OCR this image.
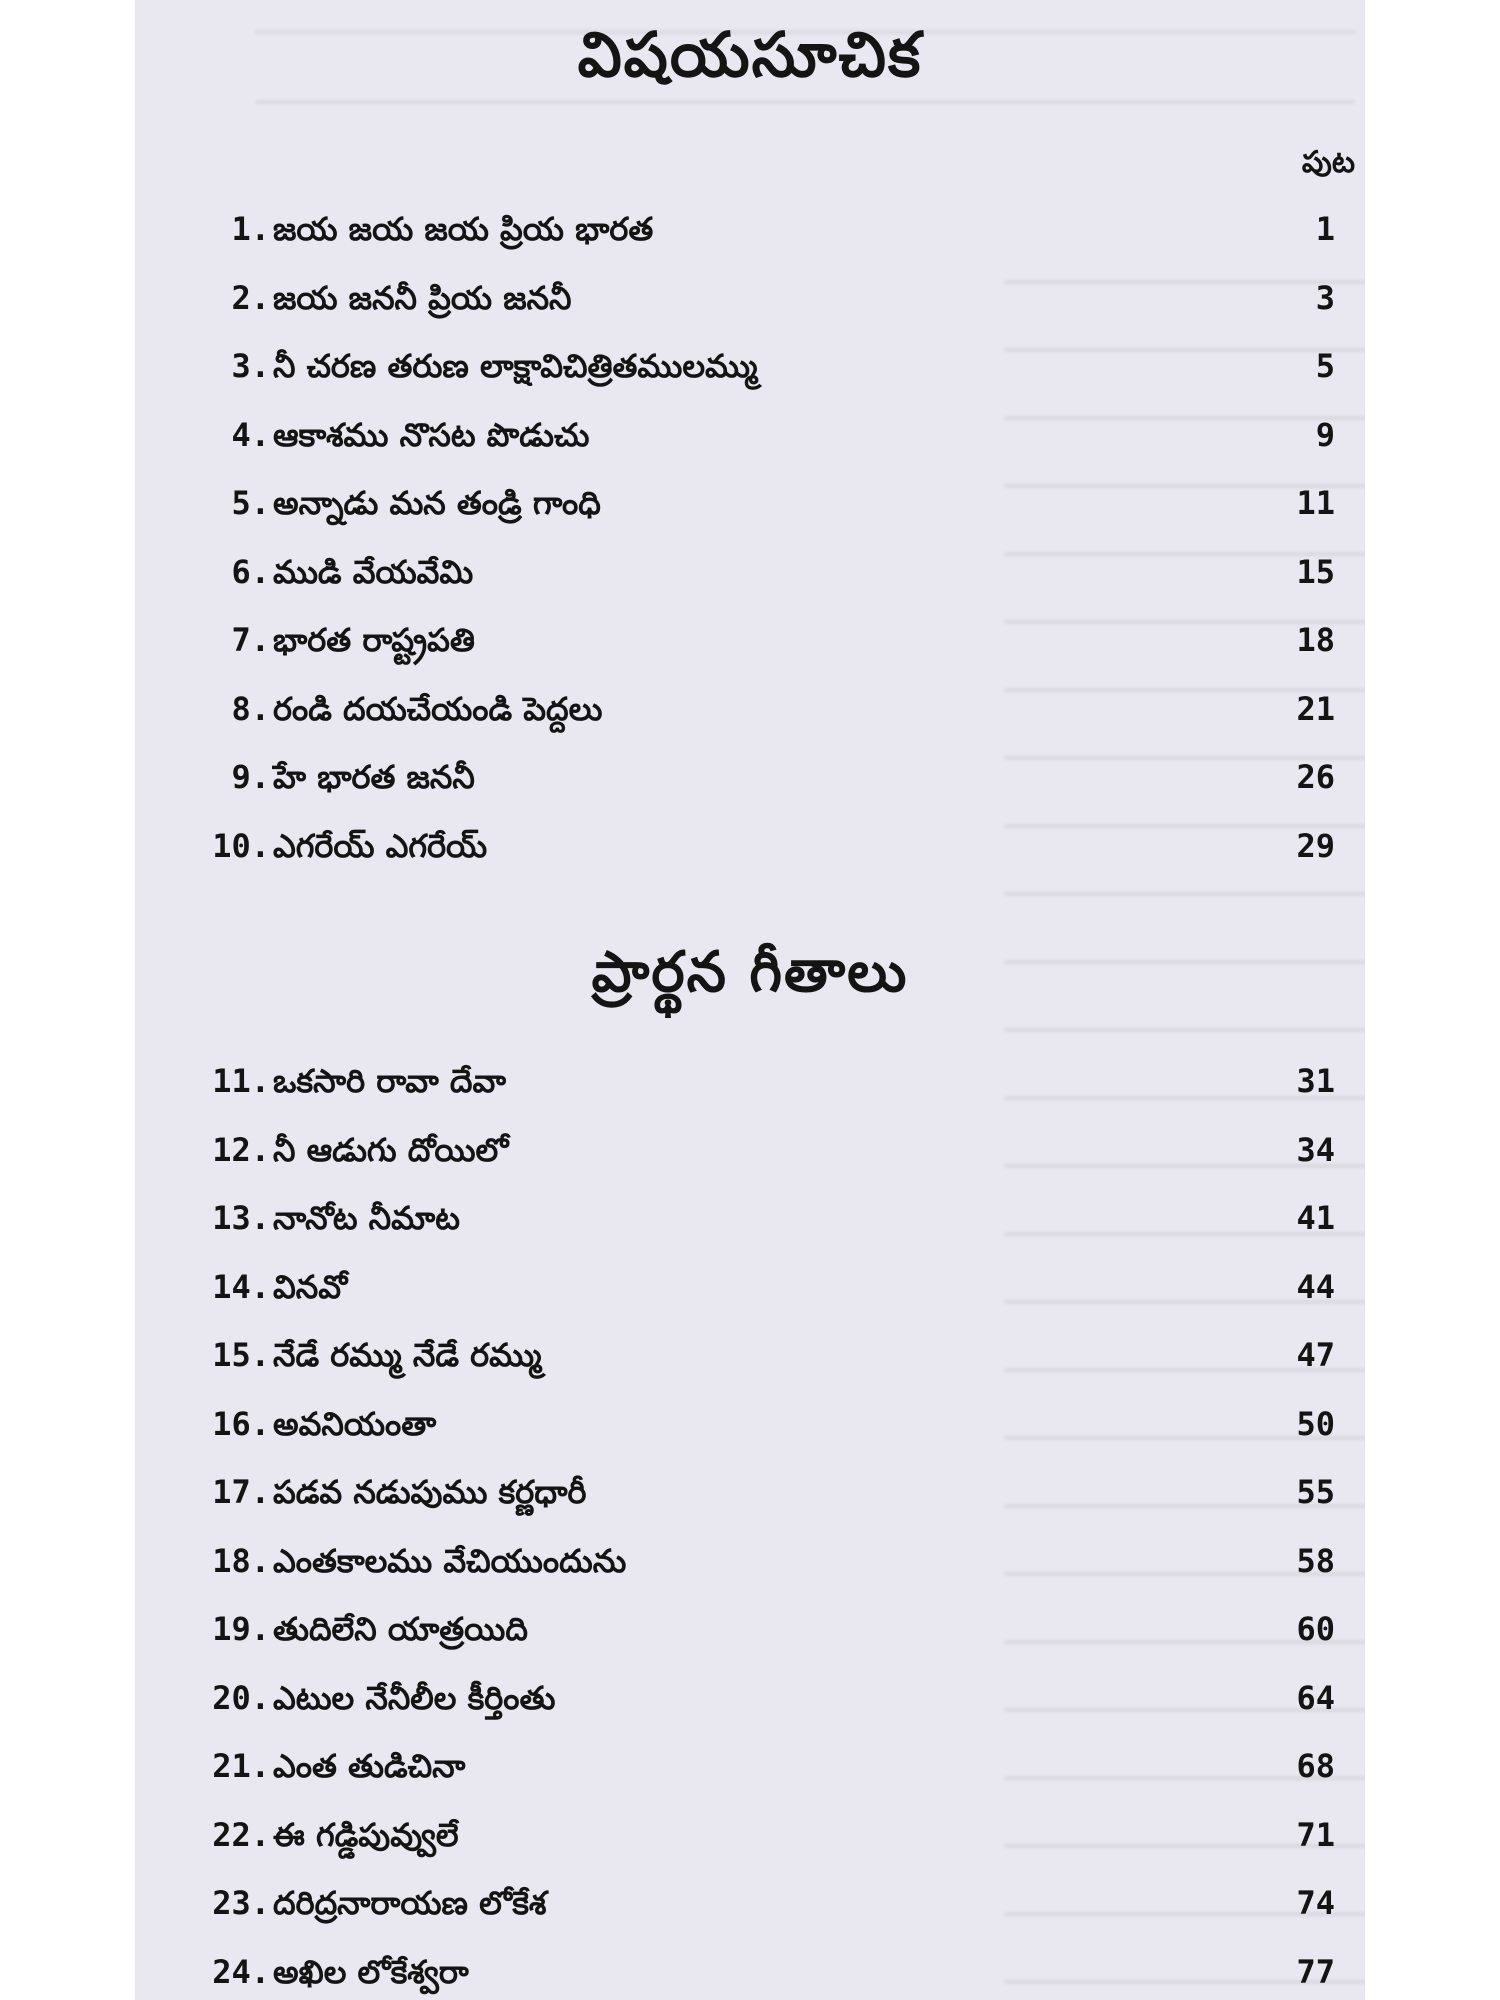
విషయసూచిక
పుట
1. జయ జయ జయ ప్రియ భారత	1
2. జయ జననీ ప్రియ జననీ	3
3. నీ చరణ తరుణ లాక్షావిచిత్రితములమ్ము	5
4. ఆకాశము నొసట పొడుచు	9
5. అన్నాడు మన తండ్రి గాంధి	11
6. ముడి వేయవేమి	15
7. భారత రాష్ట్రపతి	18
8. రండి దయచేయండి పెద్దలు	21
9. హే భారత జననీ	26
10. ఎగరేయ్ ఎగరేయ్	29
ప్రార్థన గీతాలు
11. ఒకసారి రావా దేవా	31
12. నీ ఆడుగు దోయిలో	34
13. నానోట నీమాట	41
14. వినవో	44
15. నేడే రమ్ము నేడే రమ్ము	47
16. అవనియంతా	50
17. పడవ నడుపుము కర్ణధారీ	55
18. ఎంతకాలము వేచియుందును	58
19. తుదిలేని యాత్రయిది	60
20. ఎటుల నేనీలీల కీర్తింతు	64
21. ఎంత తుడిచినా	68
22. ఈ గడ్డిపువ్వులే	71
23. దరిద్రనారాయణ లోకేశ	74
24. అఖిల లోకేశ్వరా	77
